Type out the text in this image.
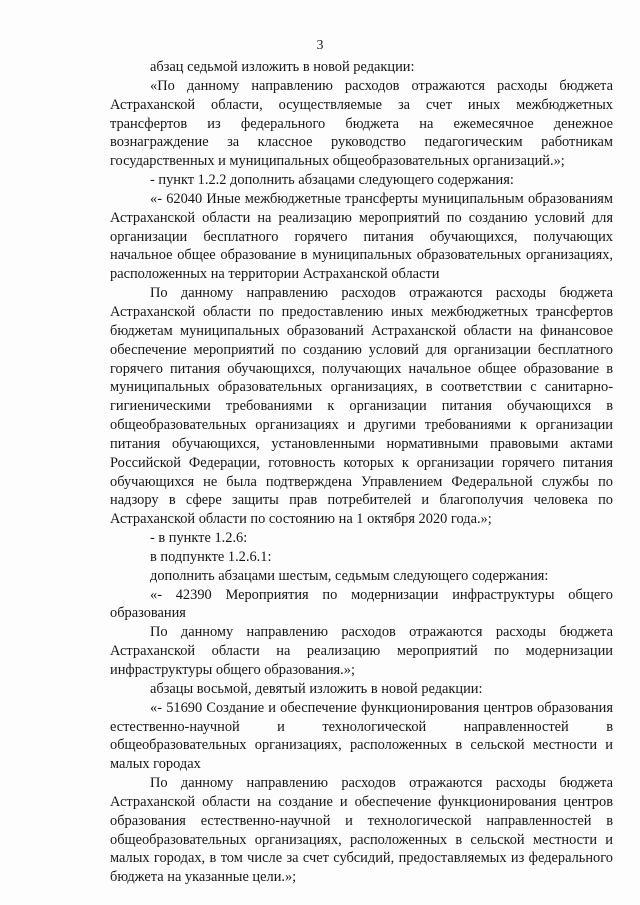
3

абзац седьмой изложить в новой редакции:

«По данному направлению расходов отражаются расходы бюджета Астраханской области, осуществляемые за счет иных межбюджетных трансфертов из федерального бюджета на ежемесячное денежное вознаграждение за классное руководство педагогическим работникам государственных и муниципальных общеобразовательных организаций.»;

- пункт 1.2.2 дополнить абзацами следующего содержания:

«- 62040 Иные межбюджетные трансферты муниципальным образованиям Астраханской области на реализацию мероприятий по созданию условий для организации бесплатного горячего питания обучающихся, получающих начальное общее образование в муниципальных образовательных организациях, расположенных на территории Астраханской области

По данному направлению расходов отражаются расходы бюджета Астраханской области по предоставлению иных межбюджетных трансфертов бюджетам муниципальных образований Астраханской области на финансовое обеспечение мероприятий по созданию условий для организации бесплатного горячего питания обучающихся, получающих начальное общее образование в муниципальных образовательных организациях, в соответствии с санитарно-гигиеническими требованиями к организации питания обучающихся в общеобразовательных организациях и другими требованиями к организации питания обучающихся, установленными нормативными правовыми актами Российской Федерации, готовность которых к организации горячего питания обучающихся не была подтверждена Управлением Федеральной службы по надзору в сфере защиты прав потребителей и благополучия человека по Астраханской области по состоянию на 1 октября 2020 года.»;

- в пункте 1.2.6:

в подпункте 1.2.6.1:

дополнить абзацами шестым, седьмым следующего содержания:

«- 42390 Мероприятия по модернизации инфраструктуры общего образования

По данному направлению расходов отражаются расходы бюджета Астраханской области на реализацию мероприятий по модернизации инфраструктуры общего образования.»;

абзацы восьмой, девятый изложить в новой редакции:

«- 51690 Создание и обеспечение функционирования центров образования естественно-научной и технологической направленностей в общеобразовательных организациях, расположенных в сельской местности и малых городах

По данному направлению расходов отражаются расходы бюджета Астраханской области на создание и обеспечение функционирования центров образования естественно-научной и технологической направленностей в общеобразовательных организациях, расположенных в сельской местности и малых городах, в том числе за счет субсидий, предоставляемых из федерального бюджета на указанные цели.»;
